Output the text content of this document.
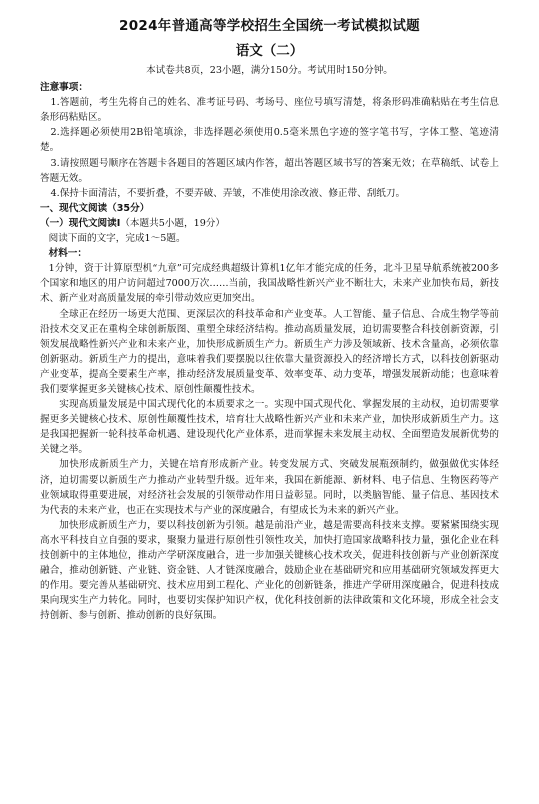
2024年普通高等学校招生全国统一考试模拟试题
语文（二）
本试卷共8页，23小题，满分150分。考试用时150分钟。
注意事项：

1.答题前，考生先将自己的姓名、准考证号码、考场号、座位号填写清楚，将条形码准确粘贴在考生信息条形码粘贴区。

2.选择题必须使用2B铅笔填涂，非选择题必须使用0.5毫米黑色字迹的签字笔书写，字体工整、笔迹清楚。

3.请按照题号顺序在答题卡各题目的答题区域内作答，超出答题区域书写的答案无效；在草稿纸、试卷上答题无效。

4.保持卡面清洁，不要折叠，不要弄破、弄皱，不准使用涂改液、修正带、刮纸刀。

一、现代文阅读（35分）
（一）现代文阅读Ⅰ（本题共5小题，19分）

阅读下面的文字，完成1～5题。

材料一：

1分钟，资于计算原型机“九章”可完成经典超级计算机1亿年才能完成的任务，北斗卫星导航系统被200多个国家和地区的用户访问超过7000万次……当前，我国战略性新兴产业不断壮大，未来产业加快布局，新技术、新产业对高质量发展的牵引带动效应更加突出。

全球正在经历一场更大范围、更深层次的科技革命和产业变革。人工智能、量子信息、合成生物学等前沿技术交叉正在重构全球创新版图、重塑全球经济结构。推动高质量发展，迫切需要整合科技创新资源，引领发展战略性新兴产业和未来产业，加快形成新质生产力。新质生产力涉及领域新、技术含量高，必须依靠创新驱动。新质生产力的提出，意味着我们要摆脱以往依靠大量资源投入的经济增长方式，以科技创新驱动产业变革，提高全要素生产率，推动经济发展质量变革、效率变革、动力变革，增强发展新动能；也意味着我们要掌握更多关键核心技术、原创性颠覆性技术。

实现高质量发展是中国式现代化的本质要求之一。实现中国式现代化、掌握发展的主动权，迫切需要掌握更多关键核心技术、原创性颠覆性技术，培育壮大战略性新兴产业和未来产业，加快形成新质生产力。这是我国把握新一轮科技革命机遇、建设现代化产业体系，进而掌握未来发展主动权、全面塑造发展新优势的关键之举。

加快形成新质生产力，关键在培育形成新产业。转变发展方式、突破发展瓶颈制约，做强做优实体经济，迫切需要以新质生产力推动产业转型升级。近年来，我国在新能源、新材料、电子信息、生物医药等产业领域取得重要进展，对经济社会发展的引领带动作用日益彰显。同时，以类脑智能、量子信息、基因技术为代表的未来产业，也正在实现技术与产业的深度融合，有望成长为未来的新兴产业。

加快形成新质生产力，要以科技创新为引领。越是前沿产业，越是需要高科技来支撑。要紧紧围绕实现高水平科技自立自强的要求，聚聚力量进行原创性引领性攻关，加快打造国家战略科技力量，强化企业在科技创新中的主体地位，推动产学研深度融合，进一步加强关键核心技术攻关，促进科技创新与产业创新深度融合，推动创新链、产业链、资金链、人才链深度融合，鼓励企业在基础研究和应用基础研究领域发挥更大的作用。要完善从基础研究、技术应用到工程化、产业化的创新链条，推进产学研用深度融合，促进科技成果向现实生产力转化。同时，也要切实保护知识产权，优化科技创新的法律政策和文化环境，形成全社会支持创新、参与创新、推动创新的良好氛围。
